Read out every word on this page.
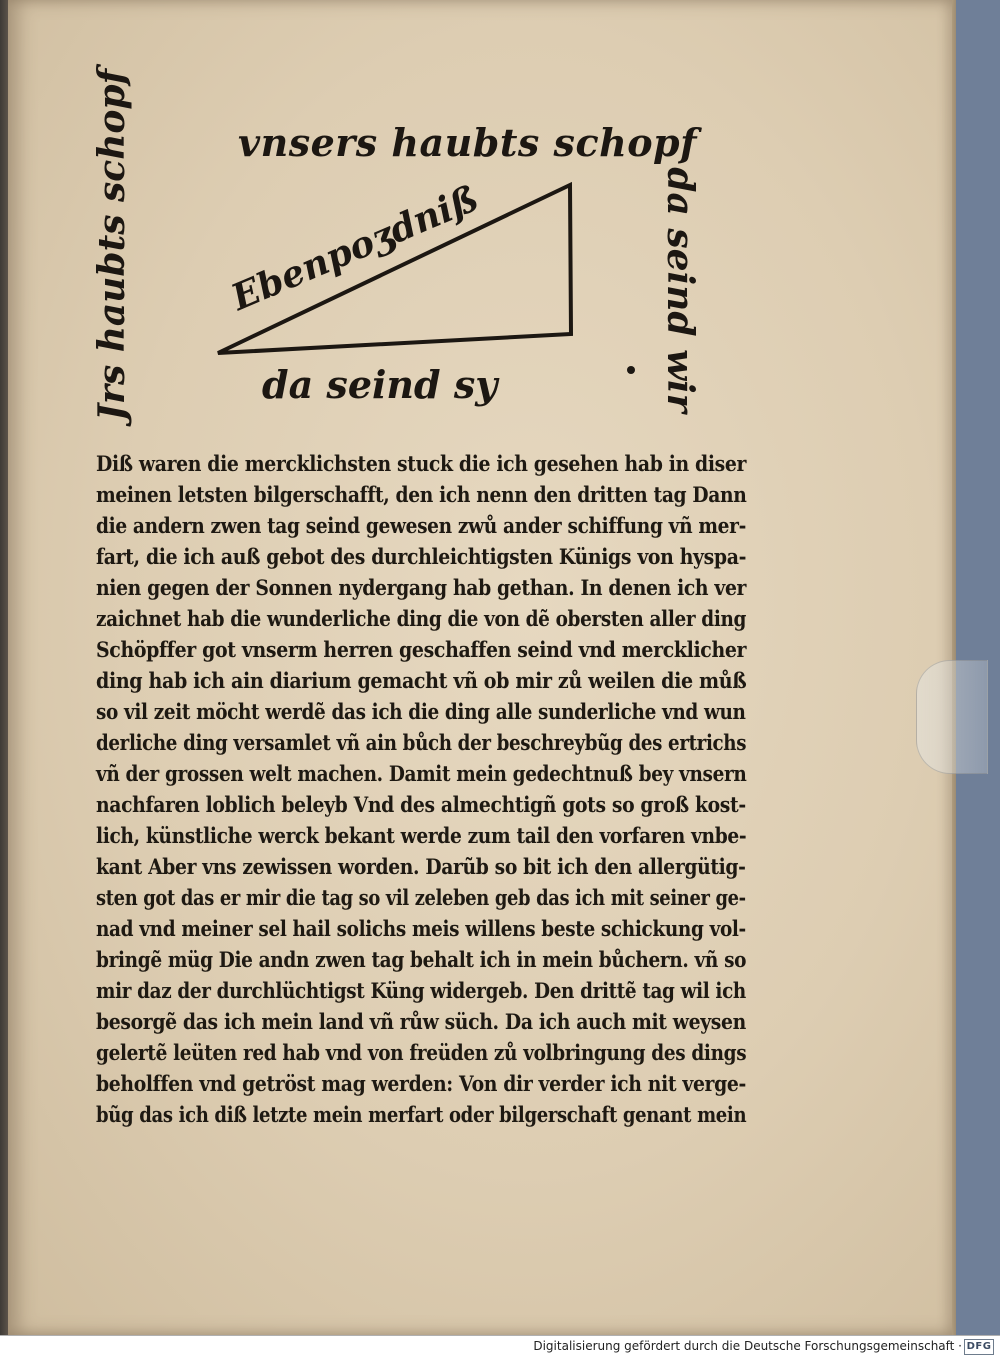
vnsers haubts schopf
da seind sy
Jrs haubts schopf	da seind wir
Ebenpoʒdniß
Diß waren die mercklichsten stuck die ich gesehen hab in diser
meinen letsten bilgerschafft, den ich nenn den dritten tag Dann
die andern zwen tag seind gewesen zwů ander schiffung vñ mer-
fart, die ich auß gebot des durchleichtigsten Künigs von hyspa-
nien gegen der Sonnen nydergang hab gethan. In denen ich ver
zaichnet hab die wunderliche ding die von dẽ obersten aller ding
Schöpffer got vnserm herren geschaffen seind vnd mercklicher
ding hab ich ain diarium gemacht vñ ob mir zů weilen die můß
so vil zeit möcht werdẽ das ich die ding alle sunderliche vnd wun
derliche ding versamlet vñ ain bůch der beschreybũg des ertrichs
vñ der grossen welt machen. Damit mein gedechtnuß bey vnsern
nachfaren loblich beleyb Vnd des almechtigñ gots so groß kost-
lich, künstliche werck bekant werde zum tail den vorfaren vnbe-
kant Aber vns zewissen worden. Darũb so bit ich den allergütig-
sten got das er mir die tag so vil zeleben geb das ich mit seiner ge-
nad vnd meiner sel hail solichs meis willens beste schickung vol-
bringẽ müg Die andn zwen tag behalt ich in mein bůchern. vñ so
mir daz der durchlüchtigst Küng widergeb. Den drittẽ tag wil ich
besorgẽ das ich mein land vñ růw süch. Da ich auch mit weysen
gelertẽ leüten red hab vnd von freüden zů volbringung des dings
beholffen vnd getröst mag werden: Von dir verder ich nit verge-
bũg das ich diß letzte mein merfart oder bilgerschaft genant mein
Digitalisierung gefördert durch die Deutsche Forschungsgemeinschaft · DFG
